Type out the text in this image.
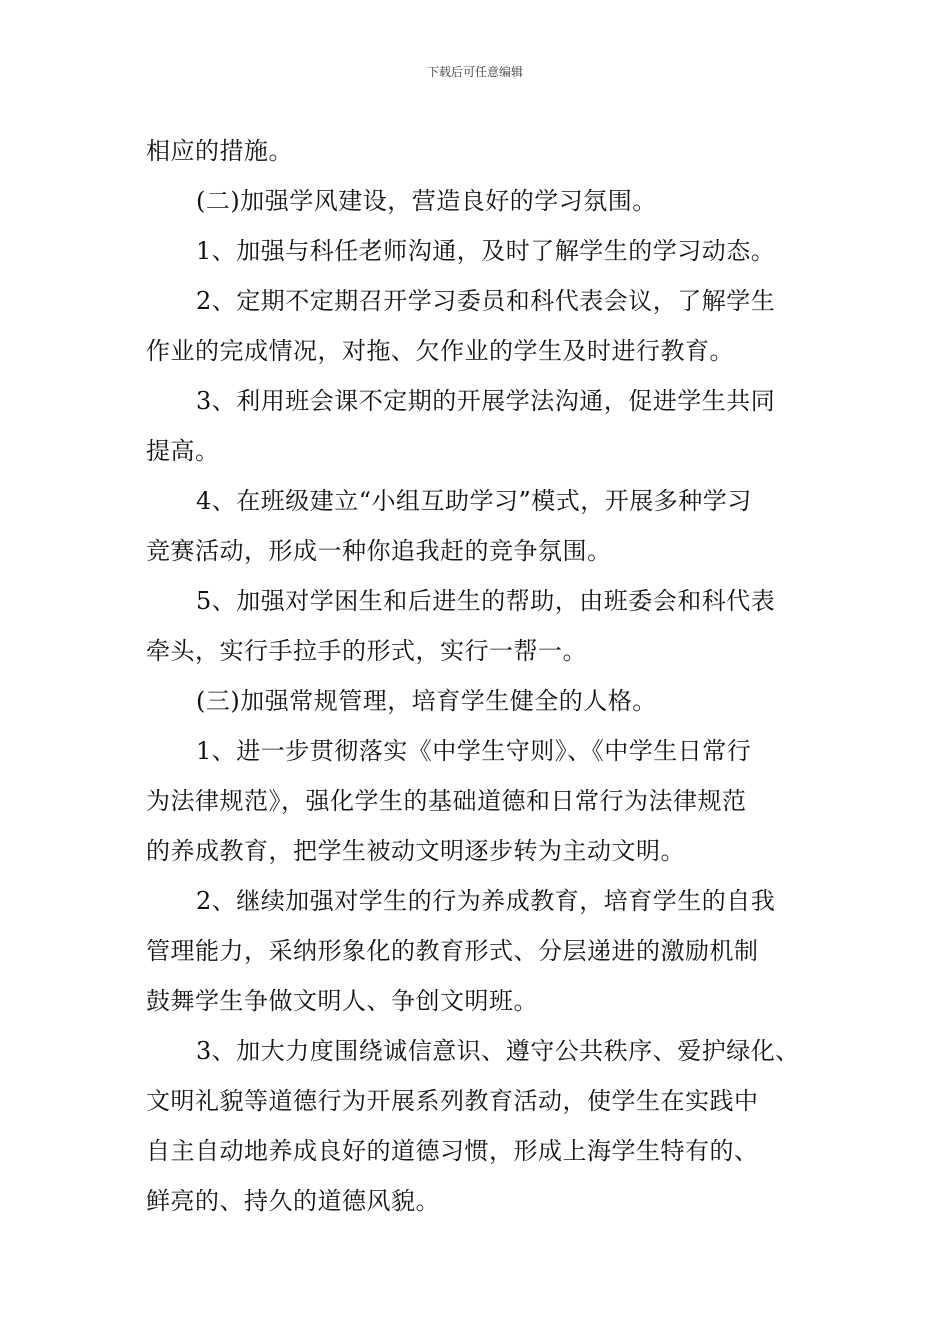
下载后可任意编辑
相应的措施。
(二)加强学风建设，营造良好的学习氛围。
1、加强与科任老师沟通，及时了解学生的学习动态。
2、定期不定期召开学习委员和科代表会议，了解学生
作业的完成情况，对拖、欠作业的学生及时进行教育。
3、利用班会课不定期的开展学法沟通，促进学生共同
提高。
4、在班级建立“小组互助学习”模式，开展多种学习
竞赛活动，形成一种你追我赶的竞争氛围。
5、加强对学困生和后进生的帮助，由班委会和科代表
牵头，实行手拉手的形式，实行一帮一。
(三)加强常规管理，培育学生健全的人格。
1、进一步贯彻落实《中学生守则》、《中学生日常行
为法律规范》，强化学生的基础道德和日常行为法律规范
的养成教育，把学生被动文明逐步转为主动文明。
2、继续加强对学生的行为养成教育，培育学生的自我
管理能力，采纳形象化的教育形式、分层递进的激励机制
鼓舞学生争做文明人、争创文明班。
3、加大力度围绕诚信意识、遵守公共秩序、爱护绿化、
文明礼貌等道德行为开展系列教育活动，使学生在实践中
自主自动地养成良好的道德习惯，形成上海学生特有的、
鲜亮的、持久的道德风貌。
